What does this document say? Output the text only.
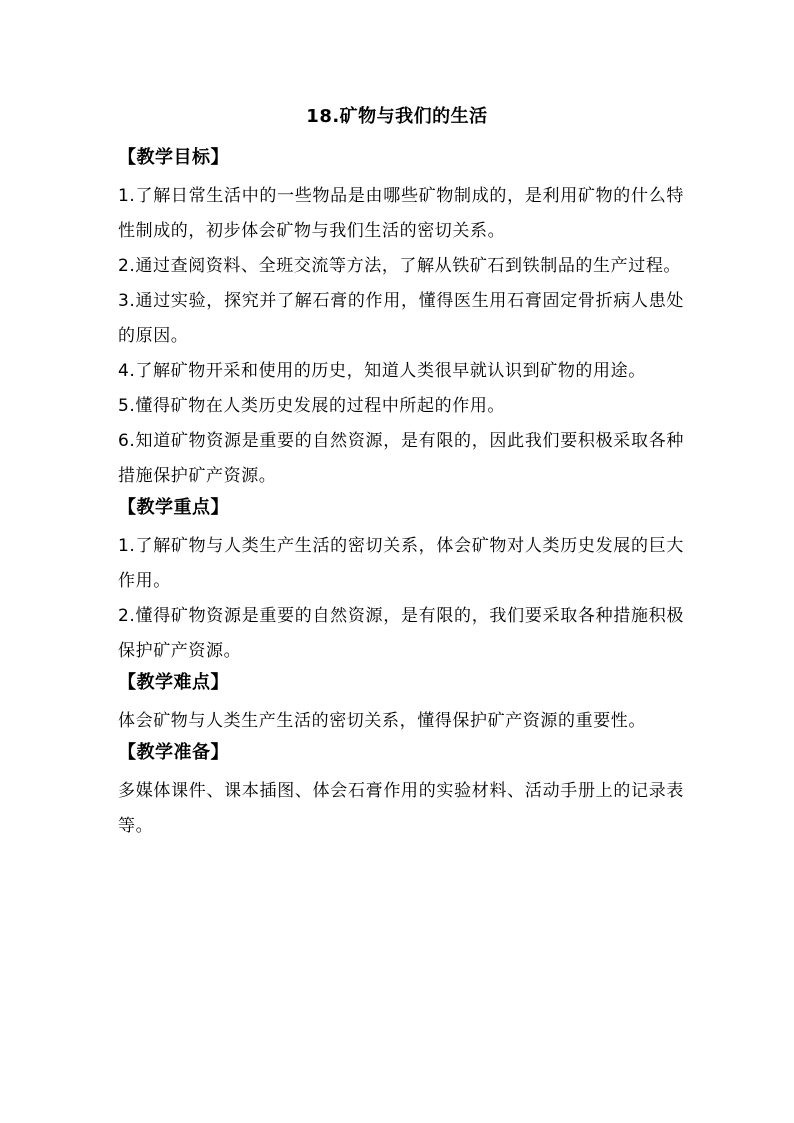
18.矿物与我们的生活
【教学目标】

1.了解日常生活中的一些物品是由哪些矿物制成的，是利用矿物的什么特性制成的，初步体会矿物与我们生活的密切关系。

2.通过查阅资料、全班交流等方法，了解从铁矿石到铁制品的生产过程。

3.通过实验，探究并了解石膏的作用，懂得医生用石膏固定骨折病人患处的原因。

4.了解矿物开采和使用的历史，知道人类很早就认识到矿物的用途。

5.懂得矿物在人类历史发展的过程中所起的作用。

6.知道矿物资源是重要的自然资源，是有限的，因此我们要积极采取各种措施保护矿产资源。

【教学重点】

1.了解矿物与人类生产生活的密切关系，体会矿物对人类历史发展的巨大作用。

2.懂得矿物资源是重要的自然资源，是有限的，我们要采取各种措施积极保护矿产资源。

【教学难点】

体会矿物与人类生产生活的密切关系，懂得保护矿产资源的重要性。

【教学准备】

多媒体课件、课本插图、体会石膏作用的实验材料、活动手册上的记录表等。
